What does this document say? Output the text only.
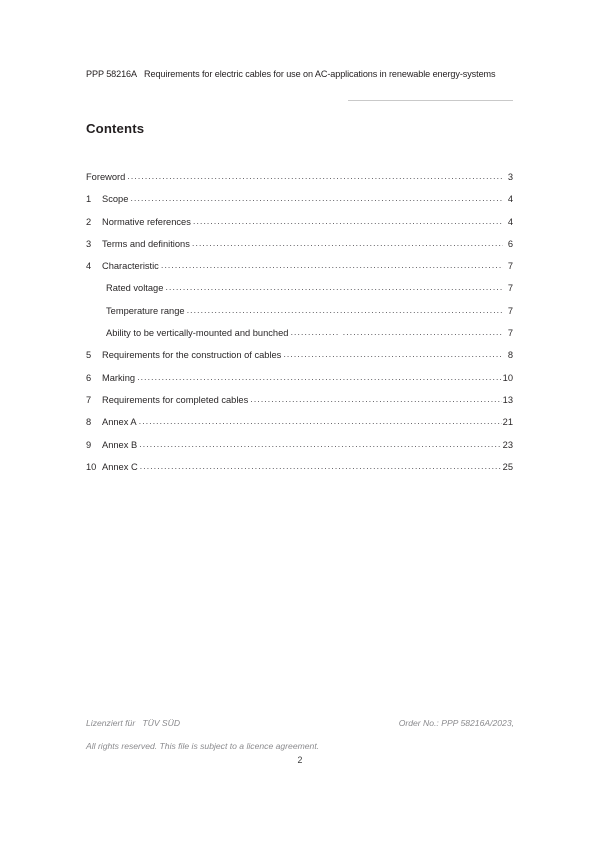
PPP 58216A Requirements for electric cables for use on AC-applications in renewable energy-systems
Contents
Foreword .....	3
1	Scope .....	4
2	Normative references .....	4
3	Terms and definitions .....	6
4	Characteristic .....	7
Rated voltage .....	7
Temperature range .....	7
Ability to be vertically-mounted and bunched .....	7
5	Requirements for the construction of cables .....	8
6	Marking .....	10
7	Requirements for completed cables .....	13
8	Annex A .....	21
9	Annex B .....	23
10 Annex C .....	25
Lizenziert für   TÜV SÜD	Order No.: PPP 58216A/2023,
All rights reserved. This file is subject to a licence agreement.
2
